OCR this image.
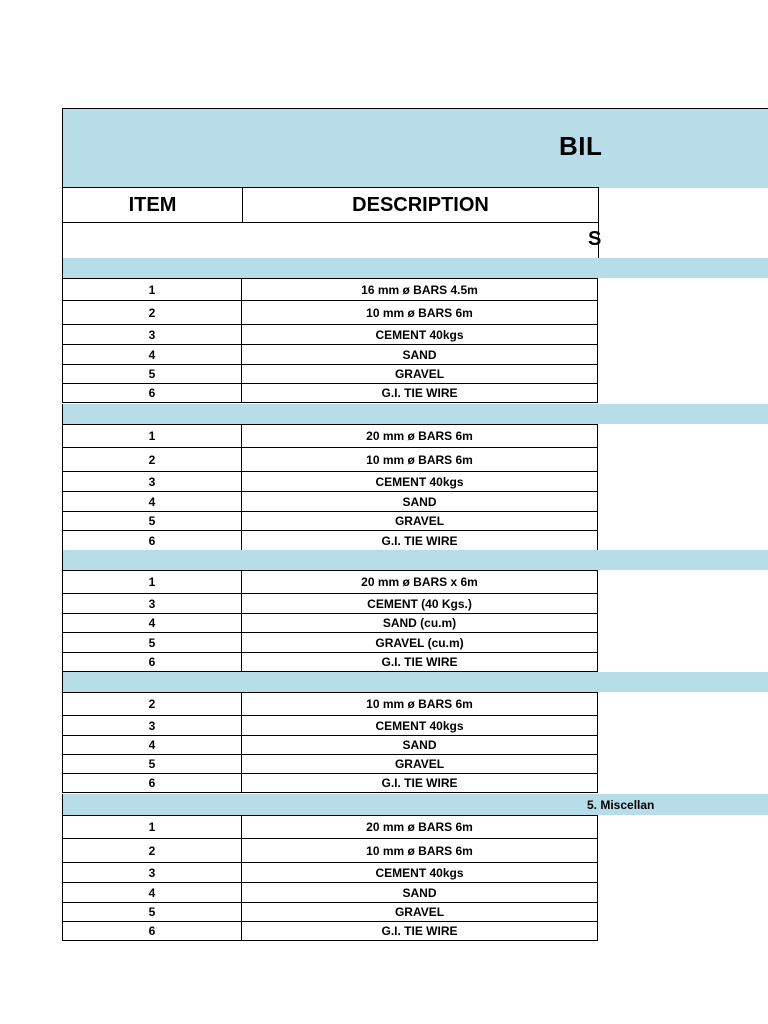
BIL
ITEM	DESCRIPTION
S
1	16 mm ø BARS 4.5m
2	10 mm ø BARS 6m
3	CEMENT 40kgs
4	SAND
5	GRAVEL
6	G.I. TIE WIRE
1	20 mm ø BARS 6m
2	10 mm ø BARS 6m
3	CEMENT 40kgs
4	SAND
5	GRAVEL
6	G.I. TIE WIRE
1	20 mm ø BARS x 6m
3	CEMENT (40 Kgs.)
4	SAND (cu.m)
5	GRAVEL (cu.m)
6	G.I. TIE WIRE
2	10 mm ø BARS 6m
3	CEMENT 40kgs
4	SAND
5	GRAVEL
6	G.I. TIE WIRE
5. Miscellan
1	20 mm ø BARS 6m
2	10 mm ø BARS 6m
3	CEMENT 40kgs
4	SAND
5	GRAVEL
6	G.I. TIE WIRE
